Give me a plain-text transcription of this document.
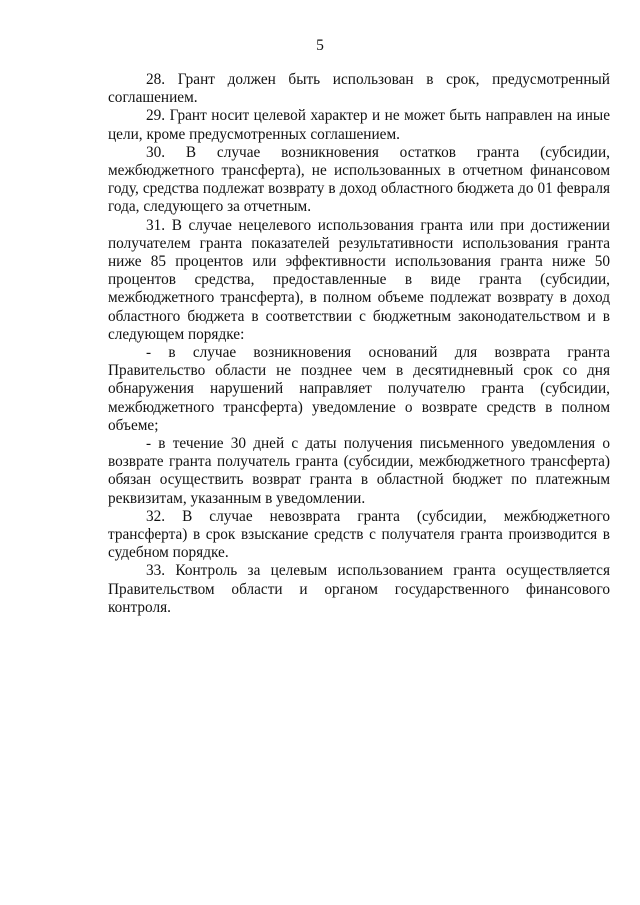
5

28. Грант должен быть использован в срок, предусмотренный соглашением.

29. Грант носит целевой характер и не может быть направлен на иные цели, кроме предусмотренных соглашением.

30. В случае возникновения остатков гранта (субсидии, межбюджетного трансферта), не использованных в отчетном финансовом году, средства подлежат возврату в доход областного бюджета до 01 февраля года, следующего за отчетным.

31. В случае нецелевого использования гранта или при достижении получателем гранта показателей результативности использования гранта ниже 85 процентов или эффективности использования гранта ниже 50 процентов средства, предоставленные в виде гранта (субсидии, межбюджетного трансферта), в полном объеме подлежат возврату в доход областного бюджета в соответствии с бюджетным законодательством и в следующем порядке:

- в случае возникновения оснований для возврата гранта Правительство области не позднее чем в десятидневный срок со дня обнаружения нарушений направляет получателю гранта (субсидии, межбюджетного трансферта) уведомление о возврате средств в полном объеме;

- в течение 30 дней с даты получения письменного уведомления о возврате гранта получатель гранта (субсидии, межбюджетного трансферта) обязан осуществить возврат гранта в областной бюджет по платежным реквизитам, указанным в уведомлении.

32. В случае невозврата гранта (субсидии, межбюджетного трансферта) в срок взыскание средств с получателя гранта производится в судебном порядке.

33. Контроль за целевым использованием гранта осуществляется Правительством области и органом государственного финансового контроля.
